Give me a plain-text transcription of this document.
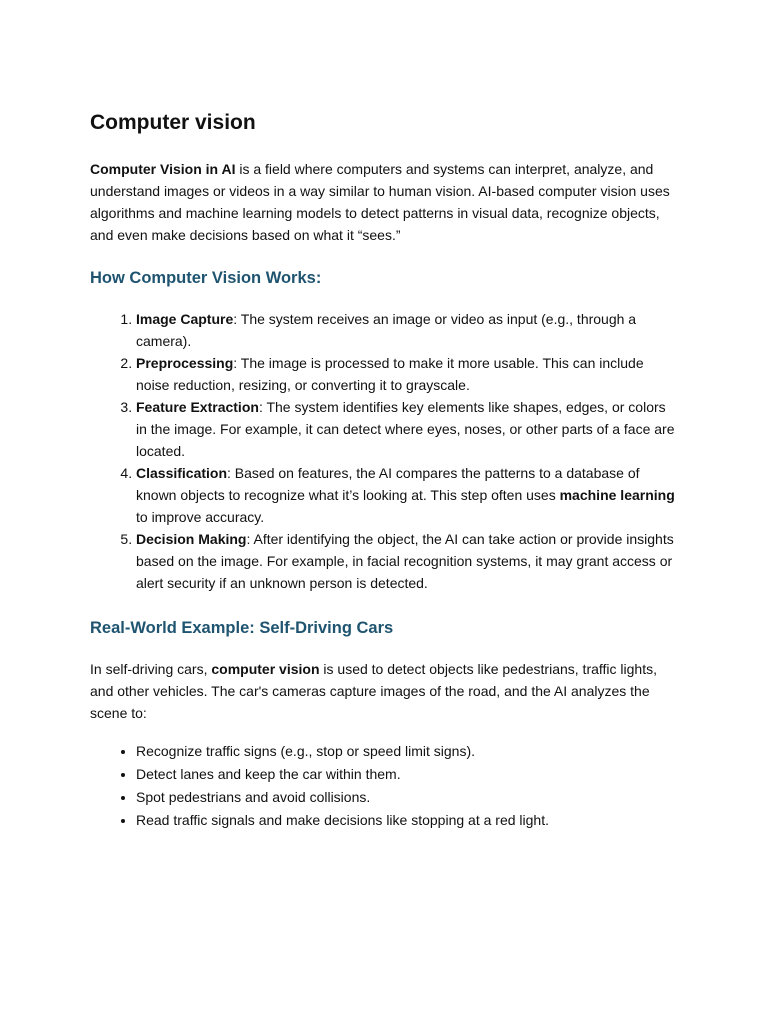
Computer vision

Computer Vision in AI is a field where computers and systems can interpret, analyze, and understand images or videos in a way similar to human vision. AI-based computer vision uses algorithms and machine learning models to detect patterns in visual data, recognize objects, and even make decisions based on what it “sees.”

How Computer Vision Works:
1. Image Capture: The system receives an image or video as input (e.g., through a camera).
2. Preprocessing: The image is processed to make it more usable. This can include noise reduction, resizing, or converting it to grayscale.
3. Feature Extraction: The system identifies key elements like shapes, edges, or colors in the image. For example, it can detect where eyes, noses, or other parts of a face are located.
4. Classification: Based on features, the AI compares the patterns to a database of known objects to recognize what it’s looking at. This step often uses machine learning to improve accuracy.
5. Decision Making: After identifying the object, the AI can take action or provide insights based on the image. For example, in facial recognition systems, it may grant access or alert security if an unknown person is detected.
Real-World Example: Self-Driving Cars

In self-driving cars, computer vision is used to detect objects like pedestrians, traffic lights, and other vehicles. The car's cameras capture images of the road, and the AI analyzes the scene to:

• Recognize traffic signs (e.g., stop or speed limit signs).
• Detect lanes and keep the car within them.
• Spot pedestrians and avoid collisions.
• Read traffic signals and make decisions like stopping at a red light.
